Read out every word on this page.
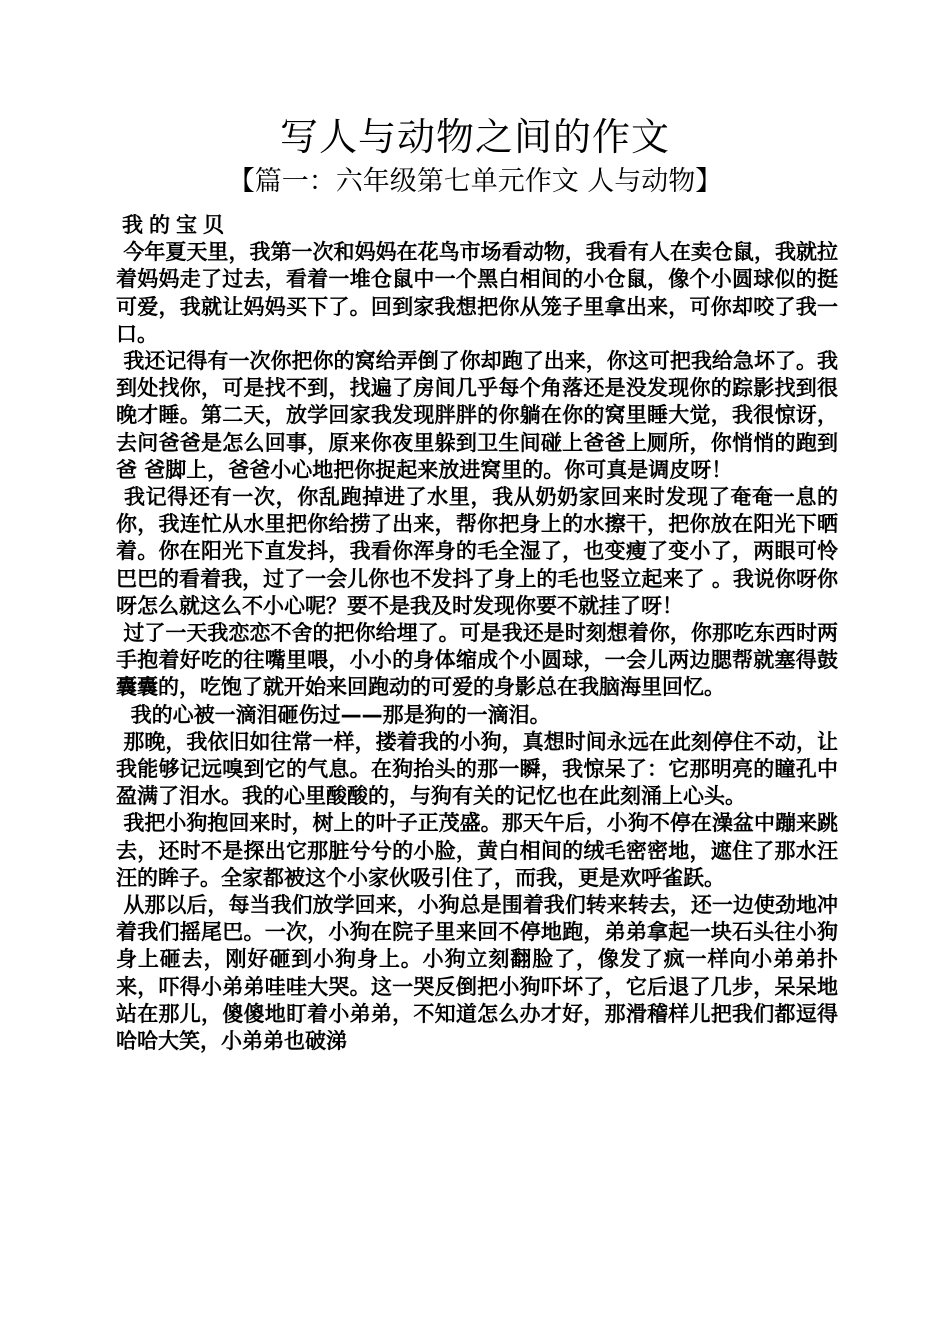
写人与动物之间的作文
【篇一：六年级第七单元作文 人与动物】

我的宝贝

今年夏天里，我第一次和妈妈在花鸟市场看动物，我看有人在卖仓鼠，我就拉着妈妈走了过去，看着一堆仓鼠中一个黑白相间的小仓鼠，像个小圆球似的挺可爱，我就让妈妈买下了。回到家我想把你从笼子里拿出来，可你却咬了我一口。

我还记得有一次你把你的窝给弄倒了你却跑了出来，你这可把我给急坏了。我到处找你，可是找不到，找遍了房间几乎每个角落还是没发现你的踪影找到很晚才睡。第二天，放学回家我发现胖胖的你躺在你的窝里睡大觉，我很惊讶，去问爸爸是怎么回事，原来你夜里躲到卫生间碰上爸爸上厕所，你悄悄的跑到爸 爸脚上，爸爸小心地把你捉起来放进窝里的。你可真是调皮呀！

我记得还有一次，你乱跑掉进了水里，我从奶奶家回来时发现了奄奄一息的你，我连忙从水里把你给捞了出来，帮你把身上的水擦干，把你放在阳光下晒着。你在阳光下直发抖，我看你浑身的毛全湿了，也变瘦了变小了，两眼可怜巴巴的看着我，过了一会儿你也不发抖了身上的毛也竖立起来了 。我说你呀你呀怎么就这么不小心呢？要不是我及时发现你要不就挂了呀！

过了一天我恋恋不舍的把你给埋了。可是我还是时刻想着你，你那吃东西时两手抱着好吃的往嘴里喂，小小的身体缩成个小圆球，一会儿两边腮帮就塞得鼓囊囊的，吃饱了就开始来回跑动的可爱的身影总在我脑海里回忆。

我的心被一滴泪砸伤过——那是狗的一滴泪。

那晚，我依旧如往常一样，搂着我的小狗，真想时间永远在此刻停住不动，让我能够记远嗅到它的气息。在狗抬头的那一瞬，我惊呆了：它那明亮的瞳孔中盈满了泪水。我的心里酸酸的，与狗有关的记忆也在此刻涌上心头。

我把小狗抱回来时，树上的叶子正茂盛。那天午后，小狗不停在澡盆中蹦来跳去，还时不是探出它那脏兮兮的小脸，黄白相间的绒毛密密地，遮住了那水汪汪的眸子。全家都被这个小家伙吸引住了，而我，更是欢呼雀跃。

从那以后，每当我们放学回来，小狗总是围着我们转来转去，还一边使劲地冲着我们摇尾巴。一次，小狗在院子里来回不停地跑，弟弟拿起一块石头往小狗身上砸去，刚好砸到小狗身上。小狗立刻翻脸了，像发了疯一样向小弟弟扑来，吓得小弟弟哇哇大哭。这一哭反倒把小狗吓坏了，它后退了几步，呆呆地站在那儿，傻傻地盯着小弟弟，不知道怎么办才好，那滑稽样儿把我们都逗得哈哈大笑，小弟弟也破涕
